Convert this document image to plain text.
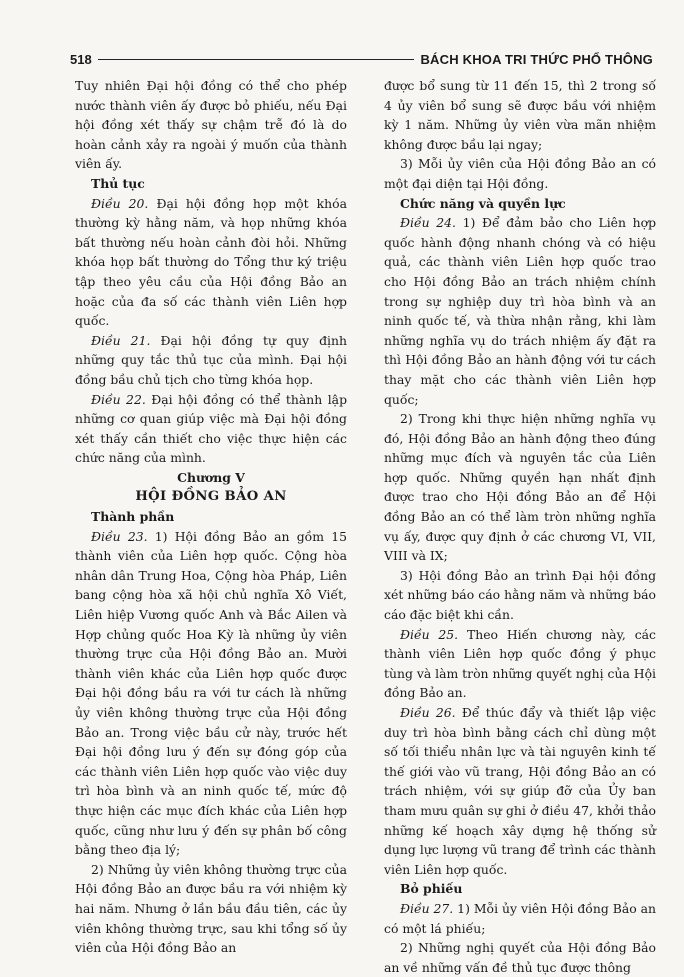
518	BÁCH KHOA TRI THỨC PHỔ THÔNG

Tuy nhiên Đại hội đồng có thể cho phép nước thành viên ấy được bỏ phiếu, nếu Đại hội đồng xét thấy sự chậm trễ đó là do hoàn cảnh xảy ra ngoài ý muốn của thành viên ấy.

Thủ tục

Điều 20. Đại hội đồng họp một khóa thường kỳ hằng năm, và họp những khóa bất thường nếu hoàn cảnh đòi hỏi. Những khóa họp bất thường do Tổng thư ký triệu tập theo yêu cầu của Hội đồng Bảo an hoặc của đa số các thành viên Liên hợp quốc.

Điều 21. Đại hội đồng tự quy định những quy tắc thủ tục của mình. Đại hội đồng bầu chủ tịch cho từng khóa họp.

Điều 22. Đại hội đồng có thể thành lập những cơ quan giúp việc mà Đại hội đồng xét thấy cần thiết cho việc thực hiện các chức năng của mình.

Chương V

HỘI ĐỒNG BẢO AN

Thành phần

Điều 23. 1) Hội đồng Bảo an gồm 15 thành viên của Liên hợp quốc. Cộng hòa nhân dân Trung Hoa, Cộng hòa Pháp, Liên bang cộng hòa xã hội chủ nghĩa Xô Viết, Liên hiệp Vương quốc Anh và Bắc Ailen và Hợp chủng quốc Hoa Kỳ là những ủy viên thường trực của Hội đồng Bảo an. Mười thành viên khác của Liên hợp quốc được Đại hội đồng bầu ra với tư cách là những ủy viên không thường trực của Hội đồng Bảo an. Trong việc bầu cử này, trước hết Đại hội đồng lưu ý đến sự đóng góp của các thành viên Liên hợp quốc vào việc duy trì hòa bình và an ninh quốc tế, mức độ thực hiện các mục đích khác của Liên hợp quốc, cũng như lưu ý đến sự phân bố công bằng theo địa lý;

2) Những ủy viên không thường trực của Hội đồng Bảo an được bầu ra với nhiệm kỳ hai năm. Nhưng ở lần bầu đầu tiên, các ủy viên không thường trực, sau khi tổng số ủy viên của Hội đồng Bảo an

được bổ sung từ 11 đến 15, thì 2 trong số 4 ủy viên bổ sung sẽ được bầu với nhiệm kỳ 1 năm. Những ủy viên vừa mãn nhiệm không được bầu lại ngay;

3) Mỗi ủy viên của Hội đồng Bảo an có một đại diện tại Hội đồng.

Chức năng và quyền lực

Điều 24. 1) Để đảm bảo cho Liên hợp quốc hành động nhanh chóng và có hiệu quả, các thành viên Liên hợp quốc trao cho Hội đồng Bảo an trách nhiệm chính trong sự nghiệp duy trì hòa bình và an ninh quốc tế, và thừa nhận rằng, khi làm những nghĩa vụ do trách nhiệm ấy đặt ra thì Hội đồng Bảo an hành động với tư cách thay mặt cho các thành viên Liên hợp quốc;

2) Trong khi thực hiện những nghĩa vụ đó, Hội đồng Bảo an hành động theo đúng những mục đích và nguyên tắc của Liên hợp quốc. Những quyền hạn nhất định được trao cho Hội đồng Bảo an để Hội đồng Bảo an có thể làm tròn những nghĩa vụ ấy, được quy định ở các chương VI, VII, VIII và IX;

3) Hội đồng Bảo an trình Đại hội đồng xét những báo cáo hằng năm và những báo cáo đặc biệt khi cần.

Điều 25. Theo Hiến chương này, các thành viên Liên hợp quốc đồng ý phục tùng và làm tròn những quyết nghị của Hội đồng Bảo an.

Điều 26. Để thúc đẩy và thiết lập việc duy trì hòa bình bằng cách chỉ dùng một số tối thiểu nhân lực và tài nguyên kinh tế thế giới vào vũ trang, Hội đồng Bảo an có trách nhiệm, với sự giúp đỡ của Ủy ban tham mưu quân sự ghi ở điều 47, khởi thảo những kế hoạch xây dựng hệ thống sử dụng lực lượng vũ trang để trình các thành viên Liên hợp quốc.

Bỏ phiếu

Điều 27. 1) Mỗi ủy viên Hội đồng Bảo an có một lá phiếu;

2) Những nghị quyết của Hội đồng Bảo an về những vấn đề thủ tục được thông
